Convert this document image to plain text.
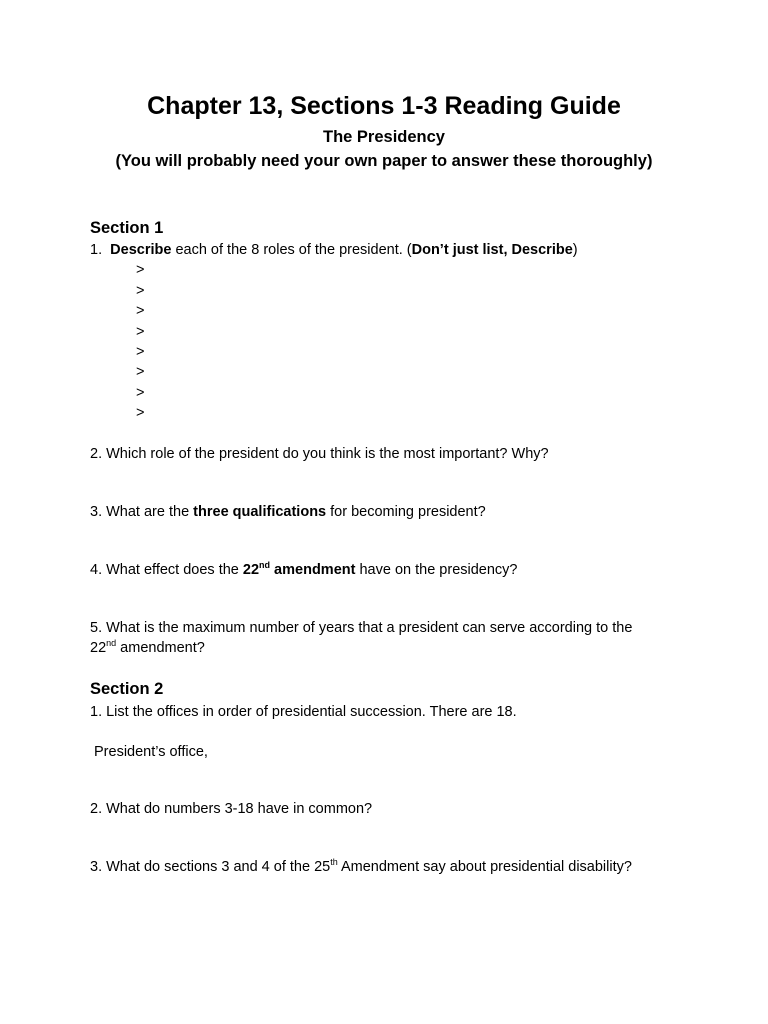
Chapter 13, Sections 1-3 Reading Guide
The Presidency
(You will probably need your own paper to answer these thoroughly)
Section 1
1. Describe each of the 8 roles of the president. (Don’t just list, Describe)
>
>
>
>
>
>
>
>
2. Which role of the president do you think is the most important? Why?
3. What are the three qualifications for becoming president?
4. What effect does the 22nd amendment have on the presidency?
5. What is the maximum number of years that a president can serve according to the
22nd amendment?
Section 2
1. List the offices in order of presidential succession. There are 18.
President’s office,
2. What do numbers 3-18 have in common?
3. What do sections 3 and 4 of the 25th Amendment say about presidential disability?
